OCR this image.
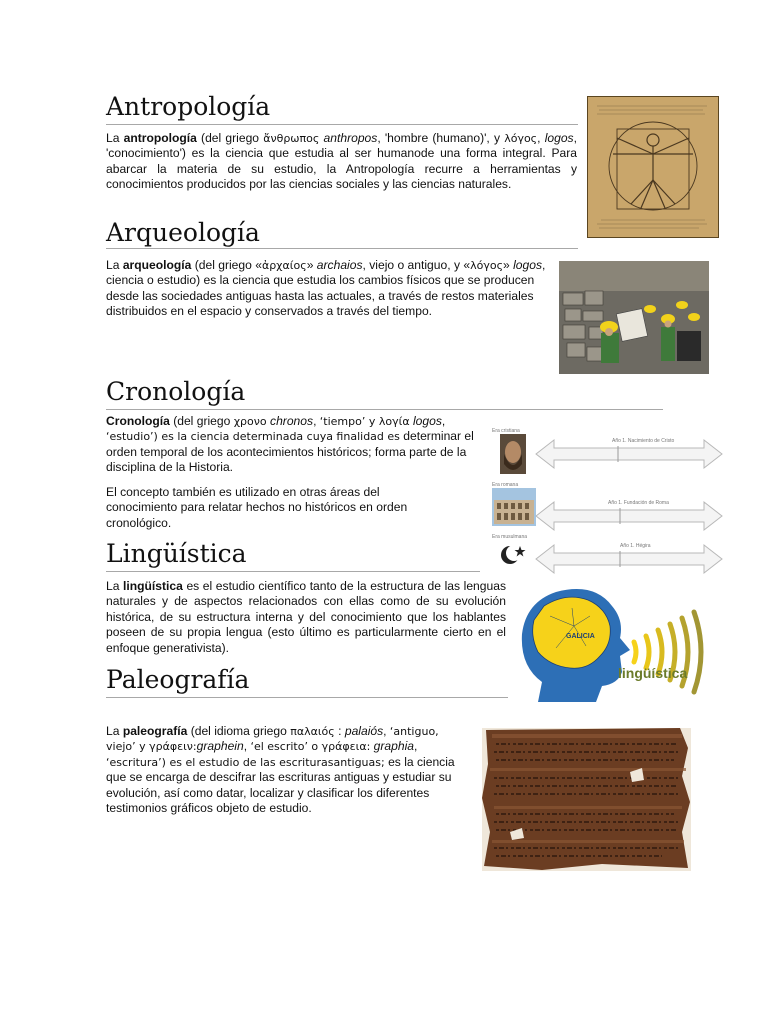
Antropología

La antropología (del griego ἄνθρωπος anthropos, 'hombre (humano)', y λόγος, logos, 'conocimiento') es la ciencia que estudia al ser humanode una forma integral. Para abarcar la materia de su estudio, la Antropología recurre a herramientas y conocimientos producidos por las ciencias sociales y las ciencias naturales.

Arqueología

La arqueología (del griego «ἀρχαίος» archaios, viejo o antiguo, y «λόγος» logos, ciencia o estudio) es la ciencia que estudia los cambios físicos que se producen desde las sociedades antiguas hasta las actuales, a través de restos materiales distribuidos en el espacio y conservados a través del tiempo.

Cronología

Cronología (del griego χρονο chronos, ‘tiempo’ y λογία logos, ‘estudio’) es la ciencia determinada cuya finalidad es determinar el orden temporal de los acontecimientos históricos; forma parte de la disciplina de la Historia.

El concepto también es utilizado en otras áreas del conocimiento para relatar hechos no históricos en orden cronológico.

Año 1. Nacimiento de Cristo
Año 1. Fundación de Roma
Año 1. Hégira
Era cristiana
Era romana
Era musulmana
Lingüística

La lingüística es el estudio científico tanto de la estructura de las lenguas naturales y de aspectos relacionados con ellas como de su evolución histórica, de su estructura interna y del conocimiento que los hablantes poseen de su propia lengua (esto último es particularmente cierto en el enfoque generativista).

GALICIA
lingüística
Paleografía

La paleografía (del idioma griego παλαιός : palaiós, ‘antiguo, viejo’ y γράφειν:graphein, ‘el escrito’ o γράφεια: graphia, ‘escritura’) es el estudio de las escriturasantiguas; es la ciencia que se encarga de descifrar las escrituras antiguas y estudiar su evolución, así como datar, localizar y clasificar los diferentes testimonios gráficos objeto de estudio.
